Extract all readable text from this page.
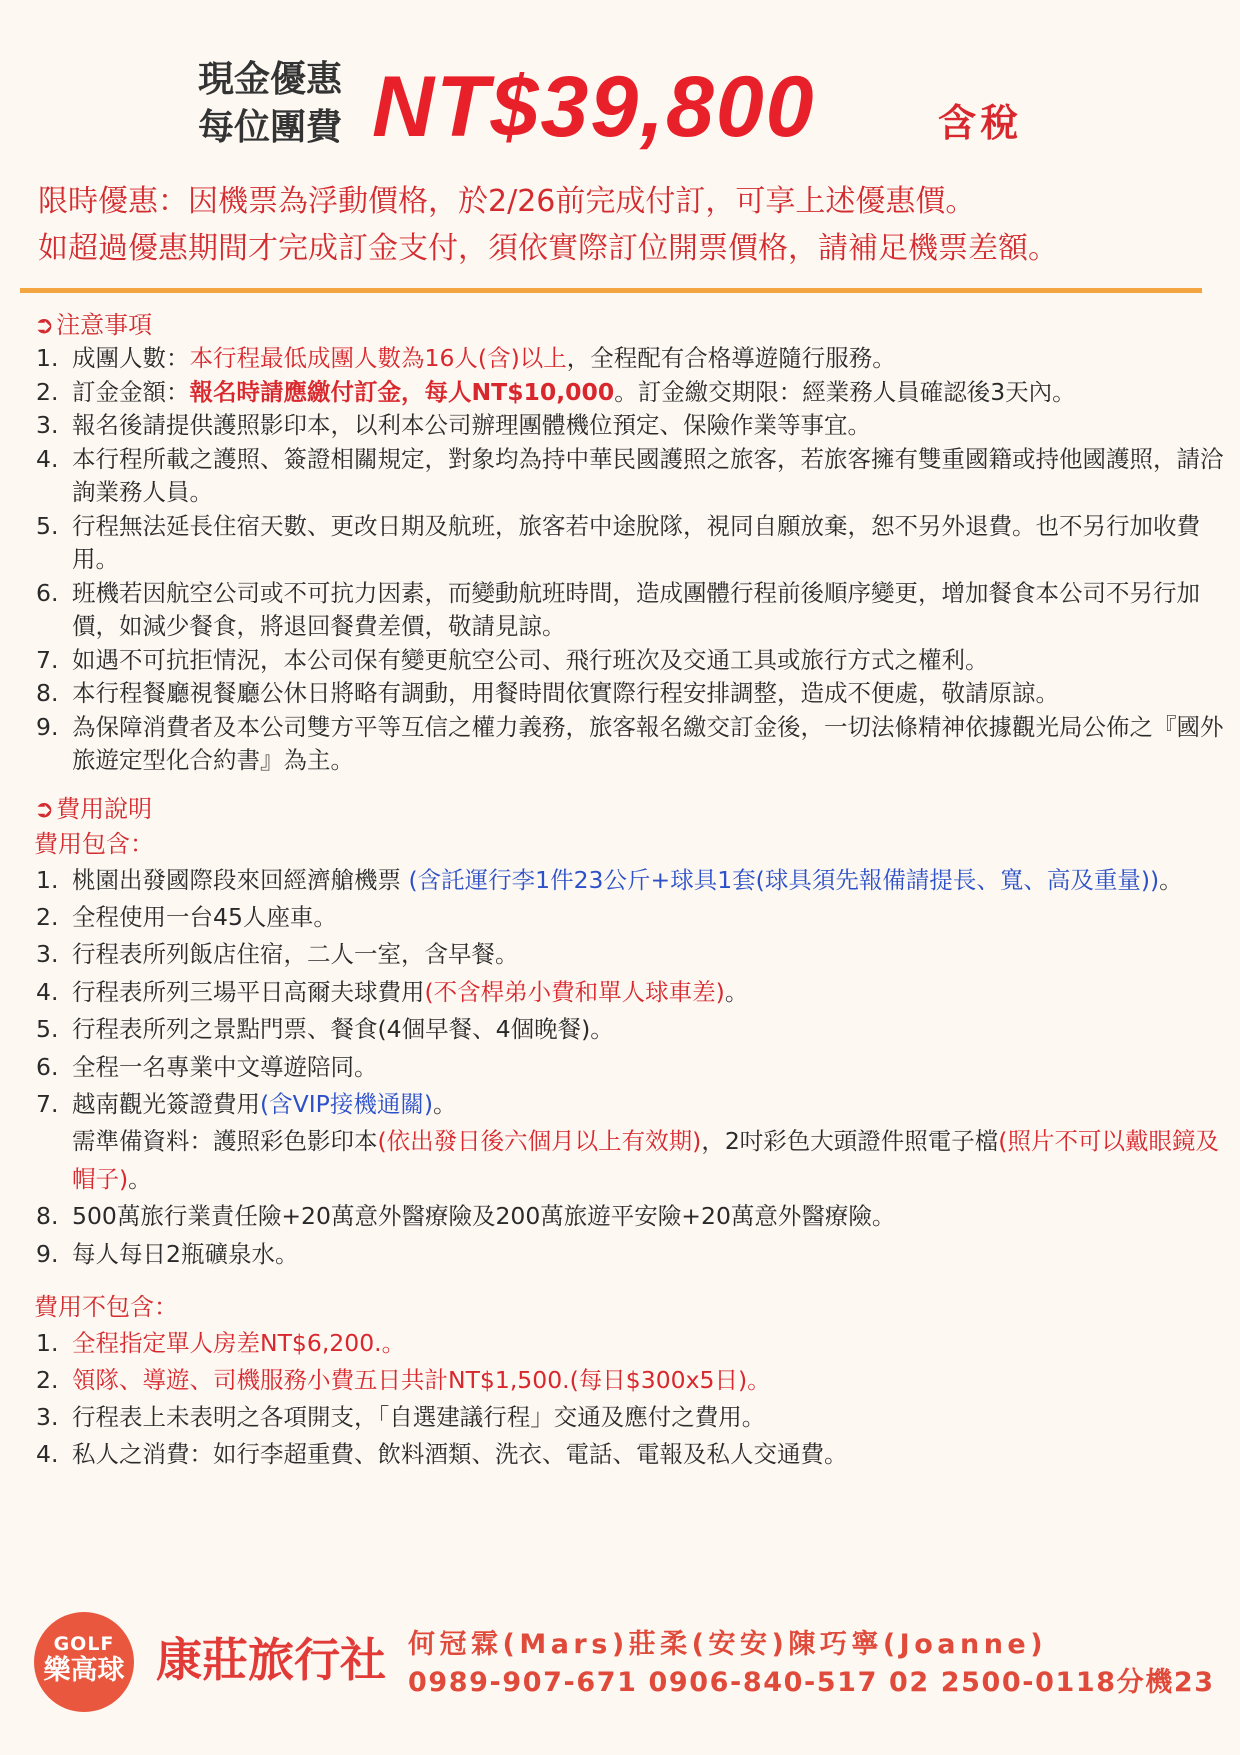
現金優惠
每位團費 NT$39,800	含稅
限時優惠：因機票為浮動價格，於2/26前完成付訂，可享上述優惠價。
如超過優惠期間才完成訂金支付，須依實際訂位開票價格，請補足機票差額。
➲注意事項
1. 成團人數：本行程最低成團人數為16人(含)以上，全程配有合格導遊隨行服務。
2. 訂金金額：報名時請應繳付訂金，每人NT$10,000。訂金繳交期限：經業務人員確認後3天內。
3. 報名後請提供護照影印本，以利本公司辦理團體機位預定、保險作業等事宜。
4. 本行程所載之護照、簽證相關規定，對象均為持中華民國護照之旅客，若旅客擁有雙重國籍或持他國護照，請洽詢業務人員。
5. 行程無法延長住宿天數、更改日期及航班，旅客若中途脫隊，視同自願放棄，恕不另外退費。也不另行加收費用。
6. 班機若因航空公司或不可抗力因素，而變動航班時間，造成團體行程前後順序變更，增加餐食本公司不另行加價，如減少餐食，將退回餐費差價，敬請見諒。
7. 如遇不可抗拒情況，本公司保有變更航空公司、飛行班次及交通工具或旅行方式之權利。
8. 本行程餐廳視餐廳公休日將略有調動，用餐時間依實際行程安排調整，造成不便處，敬請原諒。
9. 為保障消費者及本公司雙方平等互信之權力義務，旅客報名繳交訂金後，一切法條精神依據觀光局公佈之『國外旅遊定型化合約書』為主。
➲費用說明
費用包含：
1. 桃園出發國際段來回經濟艙機票 (含託運行李1件23公斤+球具1套(球具須先報備請提長、寬、高及重量))。
2. 全程使用一台45人座車。
3. 行程表所列飯店住宿，二人一室，含早餐。
4. 行程表所列三場平日高爾夫球費用(不含桿弟小費和單人球車差)。
5. 行程表所列之景點門票、餐食(4個早餐、4個晚餐)。
6. 全程一名專業中文導遊陪同。
7. 越南觀光簽證費用(含VIP接機通關)。
需準備資料：護照彩色影印本(依出發日後六個月以上有效期)，2吋彩色大頭證件照電子檔(照片不可以戴眼鏡及帽子)。
8. 500萬旅行業責任險+20萬意外醫療險及200萬旅遊平安險+20萬意外醫療險。
9. 每人每日2瓶礦泉水。
費用不包含：
1. 全程指定單人房差NT$6,200.。
2. 領隊、導遊、司機服務小費五日共計NT$1,500.(每日$300x5日)。
3. 行程表上未表明之各項開支，「自選建議行程」交通及應付之費用。
4. 私人之消費：如行李超重費、飲料酒類、洗衣、電話、電報及私人交通費。
GOLF
樂高球 康莊旅行社 何冠霖(Mars)莊柔(安安)陳巧寧(Joanne)
0989-907-671 0906-840-517 02 2500-0118分機23
